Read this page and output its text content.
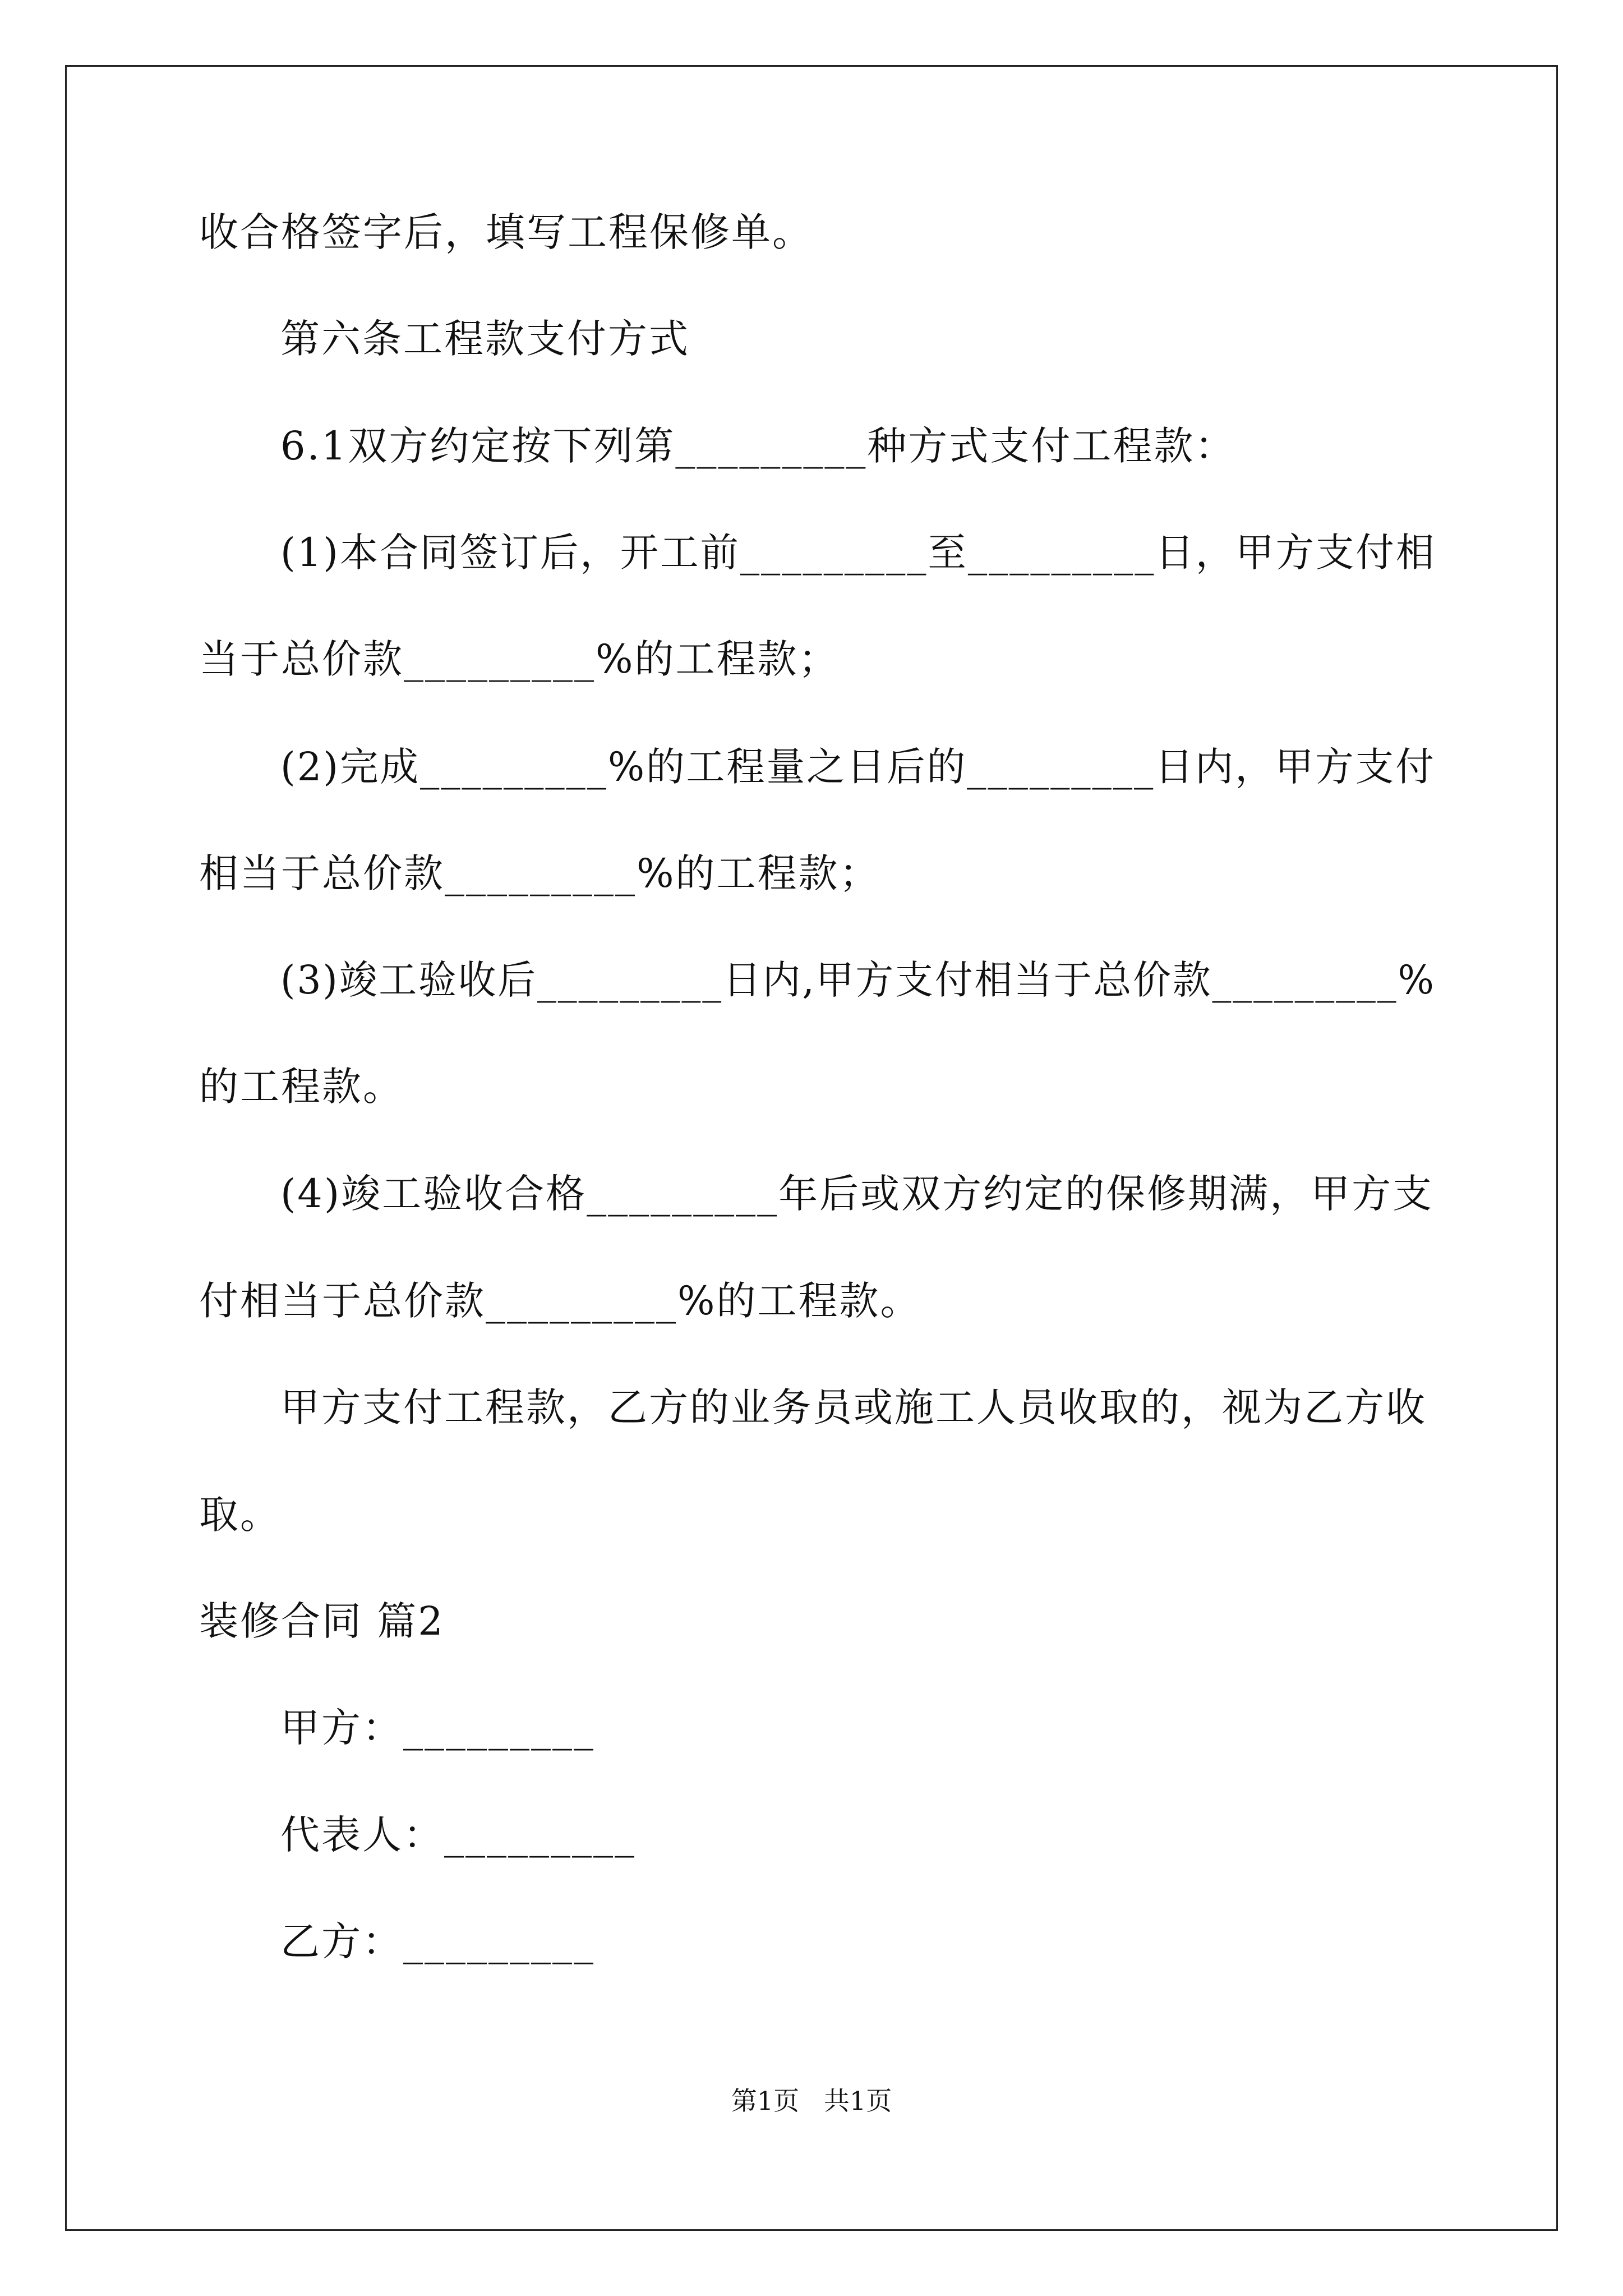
收合格签字后，填写工程保修单。
第六条工程款支付方式
6.1双方约定按下列第_________种方式支付工程款：
(1)本合同签订后，开工前_________至_________日，甲方支付相
当于总价款_________%的工程款；
(2)完成_________%的工程量之日后的_________日内，甲方支付
相当于总价款_________%的工程款；
(3)竣工验收后_________日内,甲方支付相当于总价款_________%
的工程款。
(4)竣工验收合格_________年后或双方约定的保修期满，甲方支
付相当于总价款_________%的工程款。
甲方支付工程款，乙方的业务员或施工人员收取的，视为乙方收
取。
装修合同 篇2
甲方：_________
代表人：_________
乙方：_________
第1页   共1页
